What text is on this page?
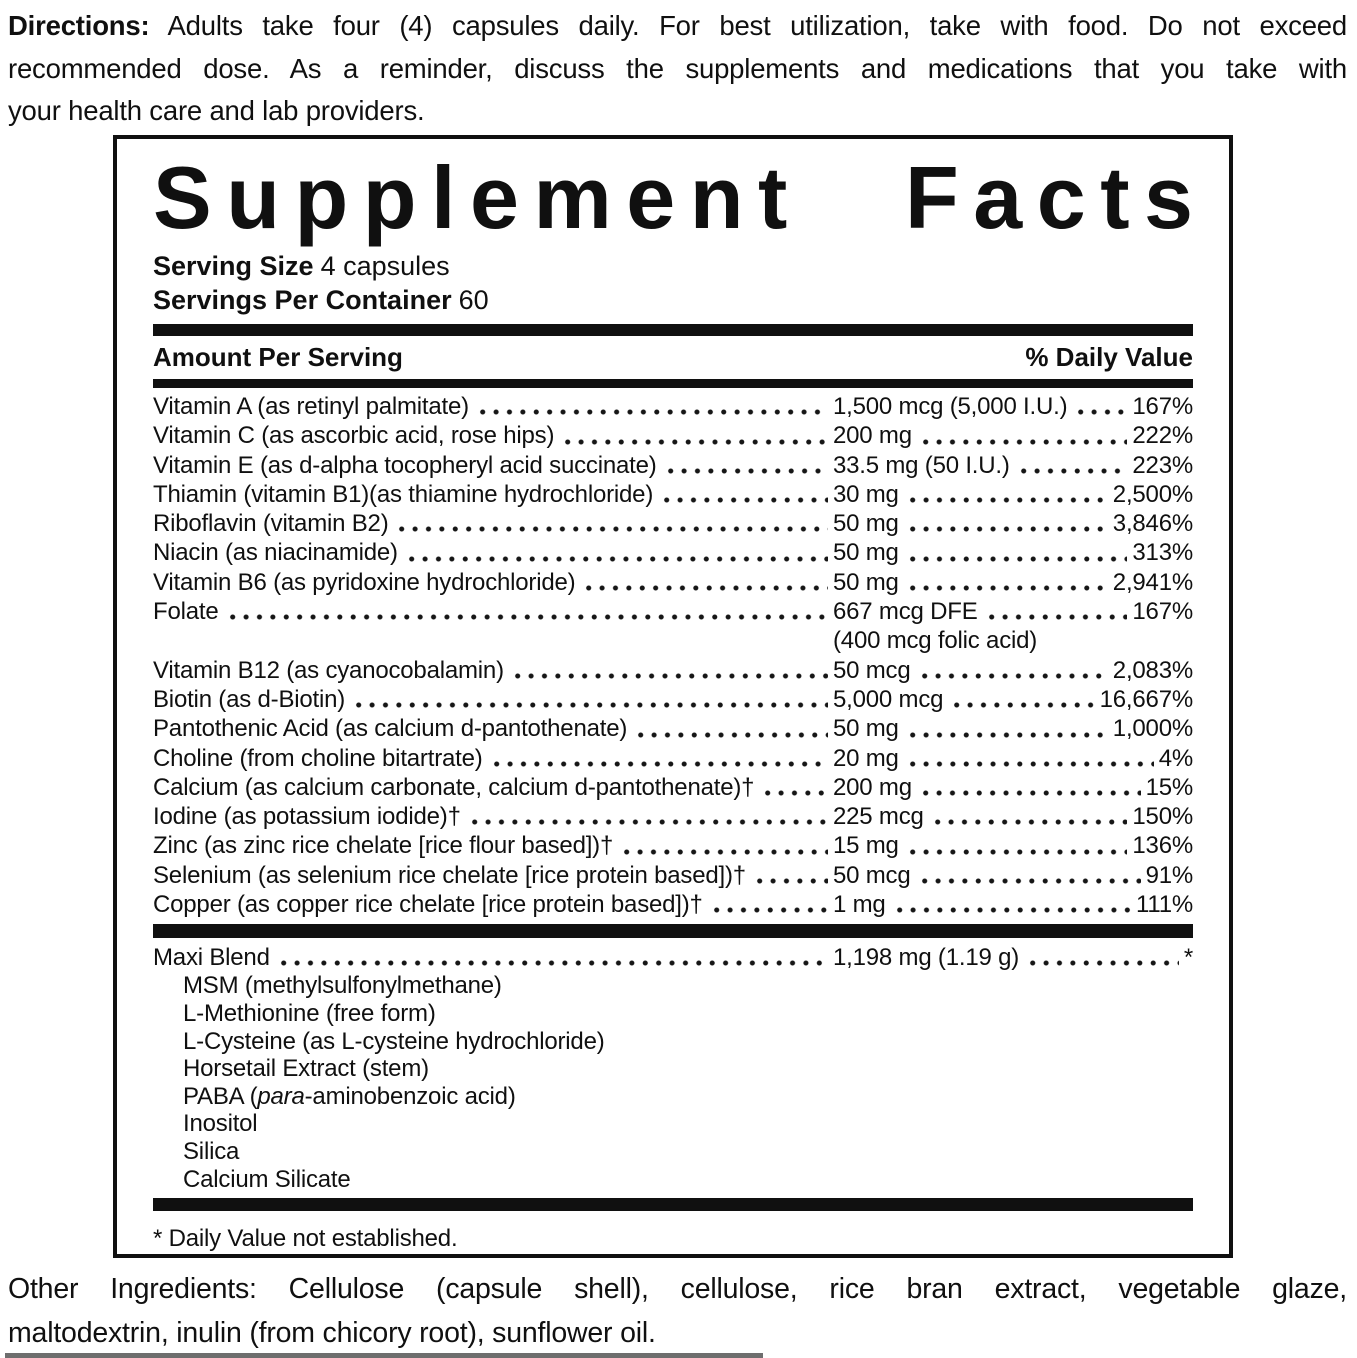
Directions: Adults take four (4) capsules daily. For best utilization, take with food. Do not exceed
recommended dose. As a reminder, discuss the supplements and medications that you take with
your health care and lab providers.
Supplement Facts
Serving Size 4 capsules
Servings Per Container 60
Amount Per Serving	% Daily Value
Vitamin A (as retinyl palmitate)	1,500 mcg (5,000 I.U.)	167%
Vitamin C (as ascorbic acid, rose hips)	200 mg	222%
Vitamin E (as d-alpha tocopheryl acid succinate)	33.5 mg (50 I.U.)	223%
Thiamin (vitamin B1)(as thiamine hydrochloride)	30 mg	2,500%
Riboflavin (vitamin B2)	50 mg	3,846%
Niacin (as niacinamide)	50 mg	313%
Vitamin B6 (as pyridoxine hydrochloride)	50 mg	2,941%
Folate	667 mcg DFE	167%
(400 mcg folic acid)
Vitamin B12 (as cyanocobalamin)	50 mcg	2,083%
Biotin (as d-Biotin)	5,000 mcg	16,667%
Pantothenic Acid (as calcium d-pantothenate)	50 mg	1,000%
Choline (from choline bitartrate)	20 mg	4%
Calcium (as calcium carbonate, calcium d-pantothenate)†	200 mg	15%
Iodine (as potassium iodide)†	225 mcg	150%
Zinc (as zinc rice chelate [rice flour based])†	15 mg	136%
Selenium (as selenium rice chelate [rice protein based])†	50 mcg	91%
Copper (as copper rice chelate [rice protein based])†	1 mg	111%
Maxi Blend	1,198 mg (1.19 g)	*
MSM (methylsulfonylmethane)
L-Methionine (free form)
L-Cysteine (as L-cysteine hydrochloride)
Horsetail Extract (stem)
PABA (para-aminobenzoic acid)
Inositol
Silica
Calcium Silicate
* Daily Value not established.
Other Ingredients: Cellulose (capsule shell), cellulose, rice bran extract, vegetable glaze,
maltodextrin, inulin (from chicory root), sunflower oil.
